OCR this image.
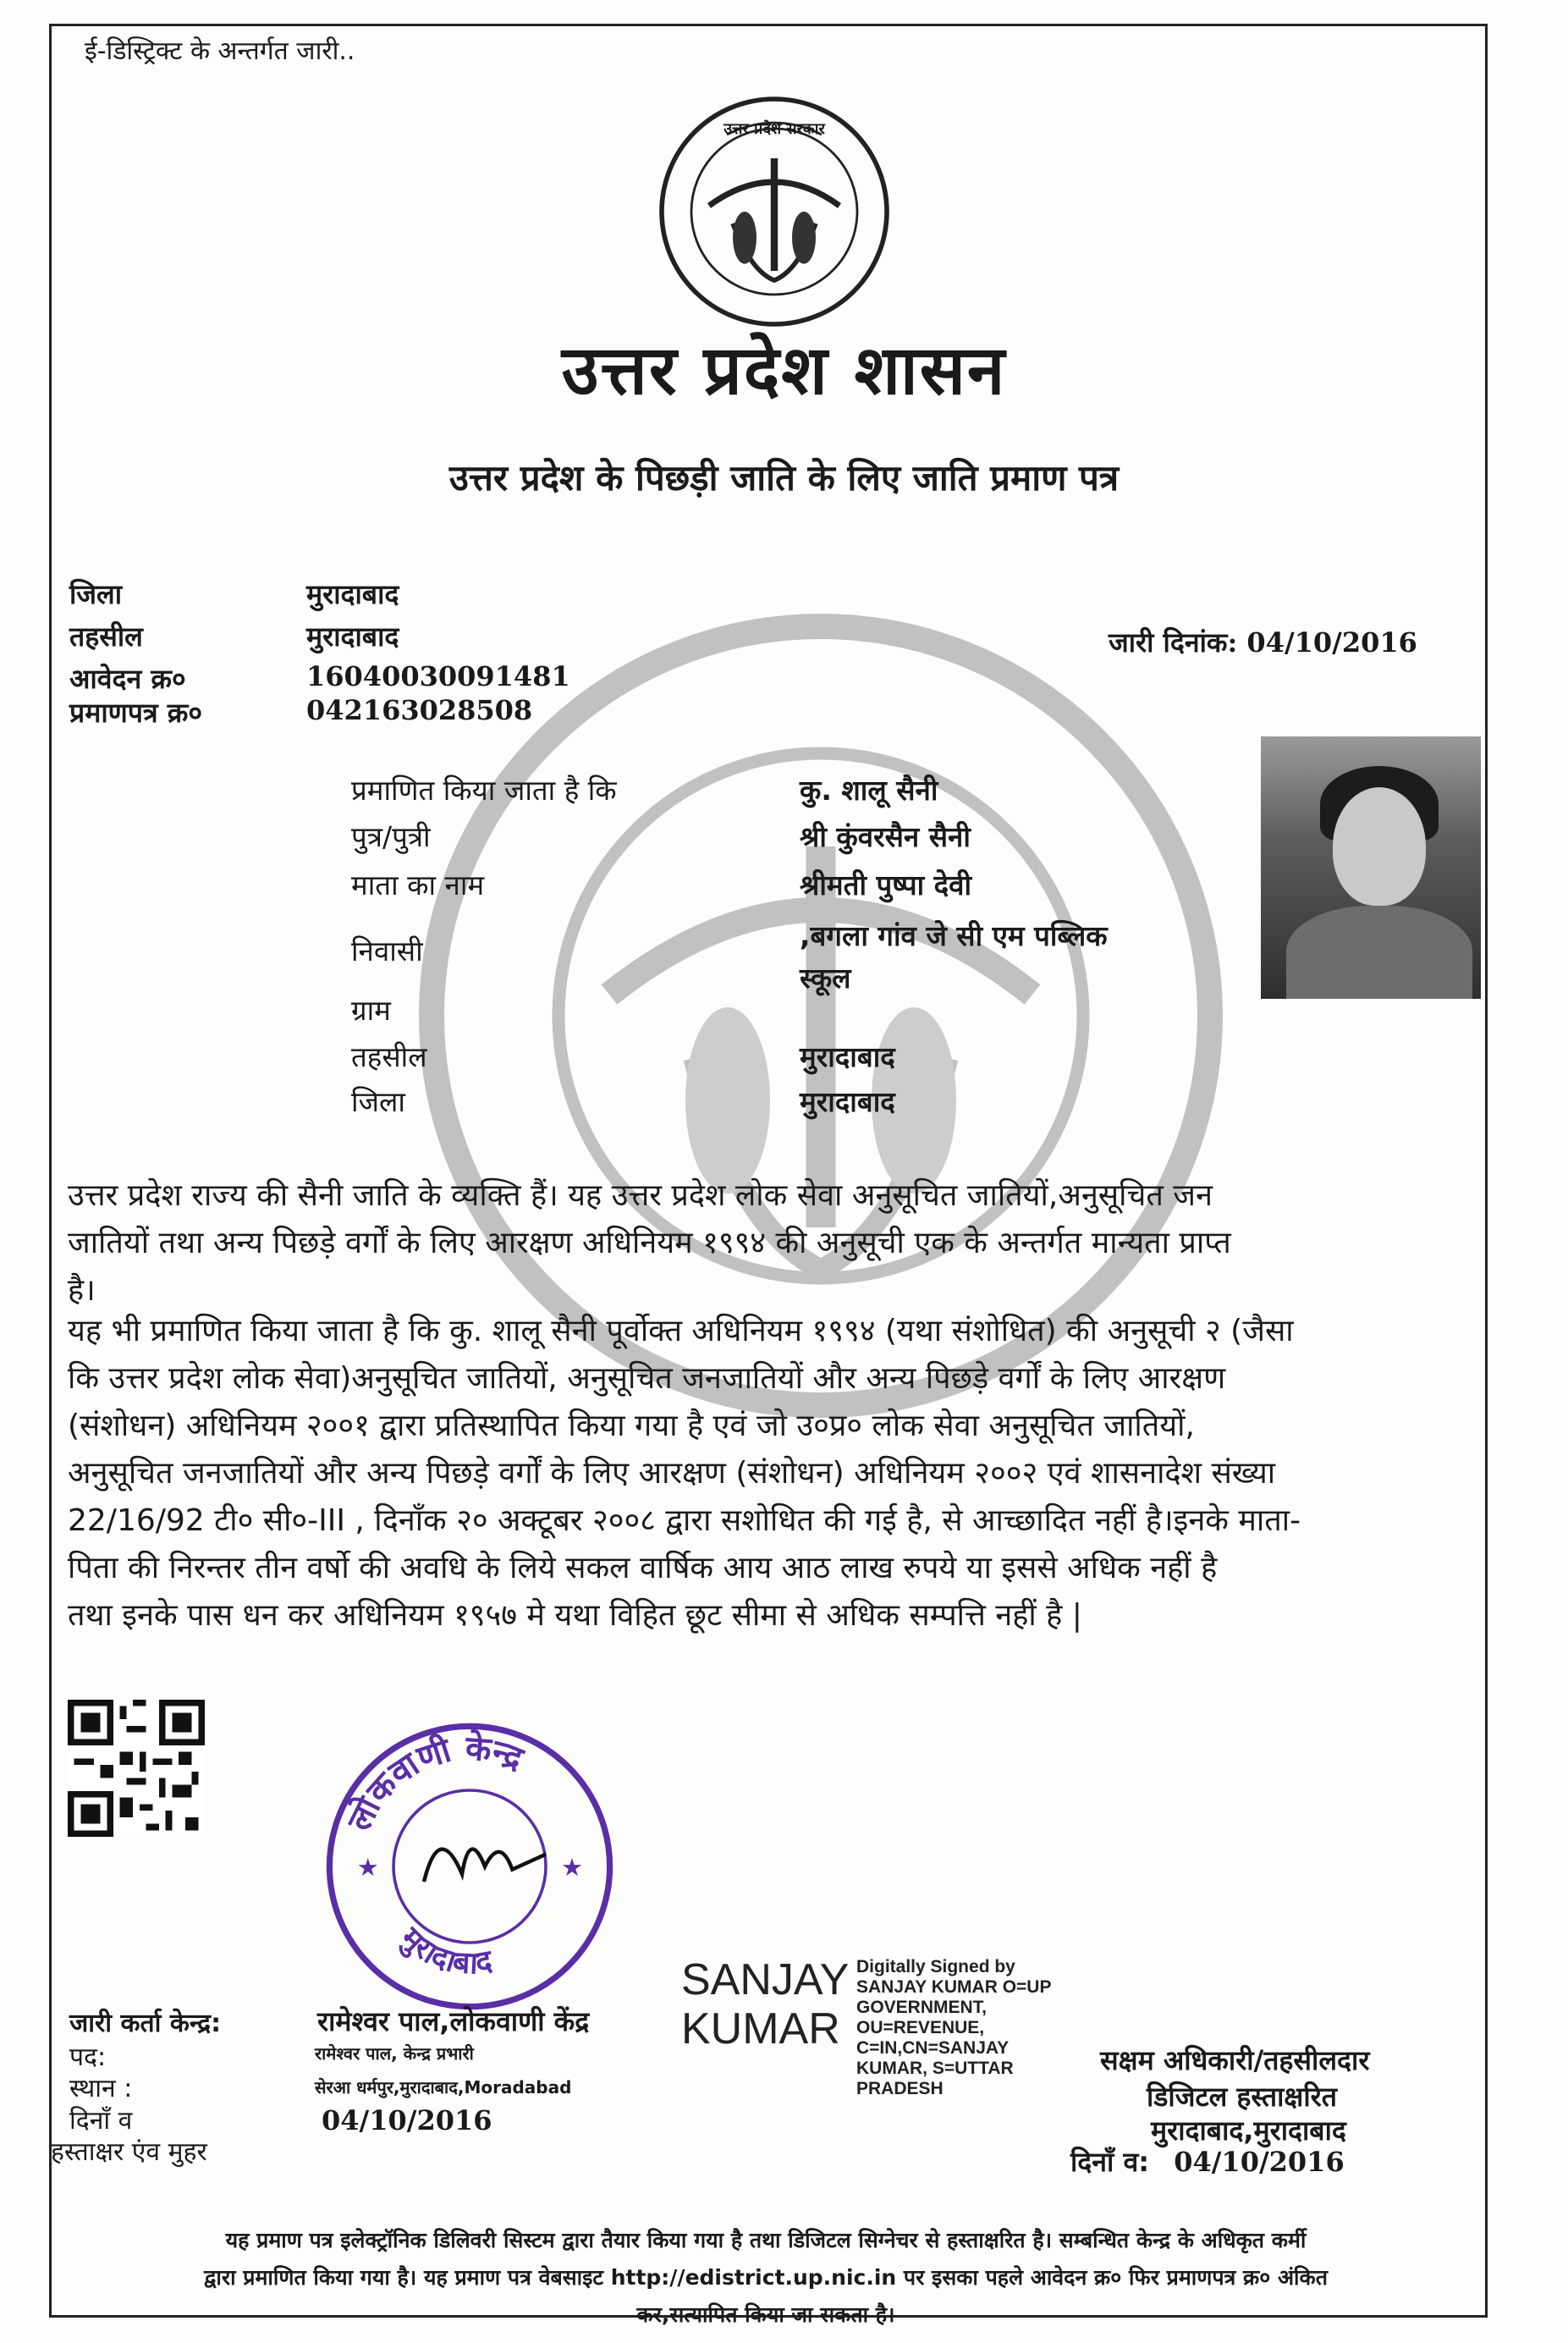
ई-डिस्ट्रिक्ट के अन्तर्गत जारी..
उत्तर प्रदेश सरकार
उत्तर प्रदेश शासन
उत्तर प्रदेश के पिछड़ी जाति के लिए जाति प्रमाण पत्र
जिला	मुरादाबाद
तहसील	मुरादाबाद
आवेदन क्र०	16040030091481
प्रमाणपत्र क्र०	042163028508
जारी दिनांक: 04/10/2016
प्रमाणित किया जाता है कि	कु. शालू सैनी
पुत्र/पुत्री	श्री कुंवरसैन सैनी
माता का नाम	श्रीमती पुष्पा देवी
निवासी	,बगला गांव जे सी एम पब्लिक
स्कूल
ग्राम
तहसील	मुरादाबाद
जिला	मुरादाबाद
उत्तर प्रदेश राज्य की सैनी जाति के व्यक्ति हैं। यह उत्तर प्रदेश लोक सेवा अनुसूचित जातियों,अनुसूचित जन
जातियों तथा अन्य पिछड़े वर्गों के लिए आरक्षण अधिनियम १९९४ की अनुसूची एक के अन्तर्गत मान्यता प्राप्त
है।
यह भी प्रमाणित किया जाता है कि कु. शालू सैनी पूर्वोक्त अधिनियम १९९४ (यथा संशोधित) की अनुसूची २ (जैसा
कि उत्तर प्रदेश लोक सेवा)अनुसूचित जातियों, अनुसूचित जनजातियों और अन्य पिछड़े वर्गों के लिए आरक्षण
(संशोधन) अधिनियम २००१ द्वारा प्रतिस्थापित किया गया है एवं जो उ०प्र० लोक सेवा अनुसूचित जातियों,
अनुसूचित जनजातियों और अन्य पिछड़े वर्गों के लिए आरक्षण (संशोधन) अधिनियम २००२ एवं शासनादेश संख्या
22/16/92 टी० सी०-III , दिनाँक २० अक्टूबर २००८ द्वारा सशोधित की गई है, से आच्छादित नहीं है।इनके माता-
पिता की निरन्तर तीन वर्षो की अवधि के लिये सकल वार्षिक आय आठ लाख रुपये या इससे अधिक नहीं है
तथा इनके पास धन कर अधिनियम १९५७ मे यथा विहित छूट सीमा से अधिक सम्पत्ति नहीं है |
लोकवाणी केन्द्र
मुरादाबाद
★	★
जारी कर्ता केन्द्र:	रामेश्वर पाल,लोकवाणी केंद्र
पद:	रामेश्वर पाल, केन्द्र प्रभारी
स्थान :	सेरआ धर्मपुर,मुरादाबाद,Moradabad
दिनाँ व	04/10/2016
हस्ताक्षर एंव मुहर
SANJAY
KUMAR
Digitally Signed by
SANJAY KUMAR O=UP
GOVERNMENT,
OU=REVENUE,
C=IN,CN=SANJAY
KUMAR, S=UTTAR
PRADESH
सक्षम अधिकारी/तहसीलदार
डिजिटल हस्ताक्षरित
मुरादाबाद,मुरादाबाद
दिनाँ व: 04/10/2016
यह प्रमाण पत्र इलेक्ट्रॉनिक डिलिवरी सिस्टम द्वारा तैयार किया गया है तथा डिजिटल सिग्नेचर से हस्ताक्षरित है। सम्बन्धित केन्द्र के अधिकृत कर्मी
द्वारा प्रमाणित किया गया है। यह प्रमाण पत्र वेबसाइट http://edistrict.up.nic.in पर इसका पहले आवेदन क्र० फिर प्रमाणपत्र क्र० अंकित
कर,सत्यापित किया जा सकता है।
